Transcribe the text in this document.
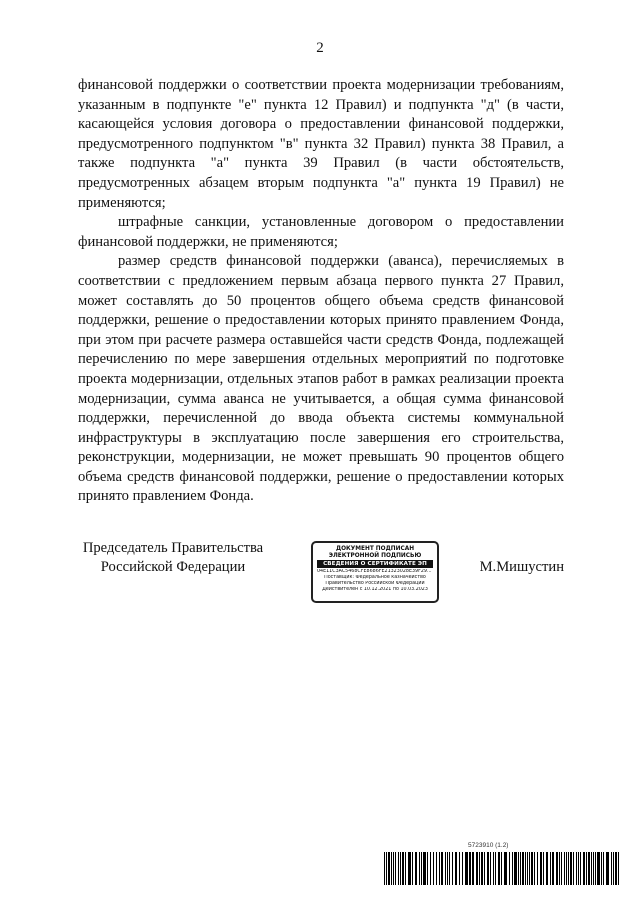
2

финансовой поддержки о соответствии проекта модернизации требованиям, указанным в подпункте "е" пункта 12 Правил) и подпункта "д" (в части, касающейся условия договора о предоставлении финансовой поддержки, предусмотренного подпунктом "в" пункта 32 Правил) пункта 38 Правил, а также подпункта "а" пункта 39 Правил (в части обстоятельств, предусмотренных абзацем вторым подпункта "а" пункта 19 Правил) не применяются;

штрафные санкции, установленные договором о предоставлении финансовой поддержки, не применяются;

размер средств финансовой поддержки (аванса), перечисляемых в соответствии с предложением первым абзаца первого пункта 27 Правил, может составлять до 50 процентов общего объема средств финансовой поддержки, решение о предоставлении которых принято правлением Фонда, при этом при расчете размера оставшейся части средств Фонда, подлежащей перечислению по мере завершения отдельных мероприятий по подготовке проекта модернизации, отдельных этапов работ в рамках реализации проекта модернизации, сумма аванса не учитывается, а общая сумма финансовой поддержки, перечисленной до ввода объекта системы коммунальной инфраструктуры в эксплуатацию после завершения его строительства, реконструкции, модернизации, не может превышать 90 процентов общего объема средств финансовой поддержки, решение о предоставлении которых принято правлением Фонда.

Председатель Правительства
Российской Федерации
ДОКУМЕНТ ПОДПИСАН
ЭЛЕКТРОННОЙ ПОДПИСЬЮ
СВЕДЕНИЯ О СЕРТИФИКАТЕ ЭП
04E11C3AC5468CFE8686FE21323028E39F29...
Поставщик: Федеральное казначейство
Правительство Российской Федерации
Действителен с 10.12.2021 по 10.03.2023
М.Мишустин
5723910 (1.2)
